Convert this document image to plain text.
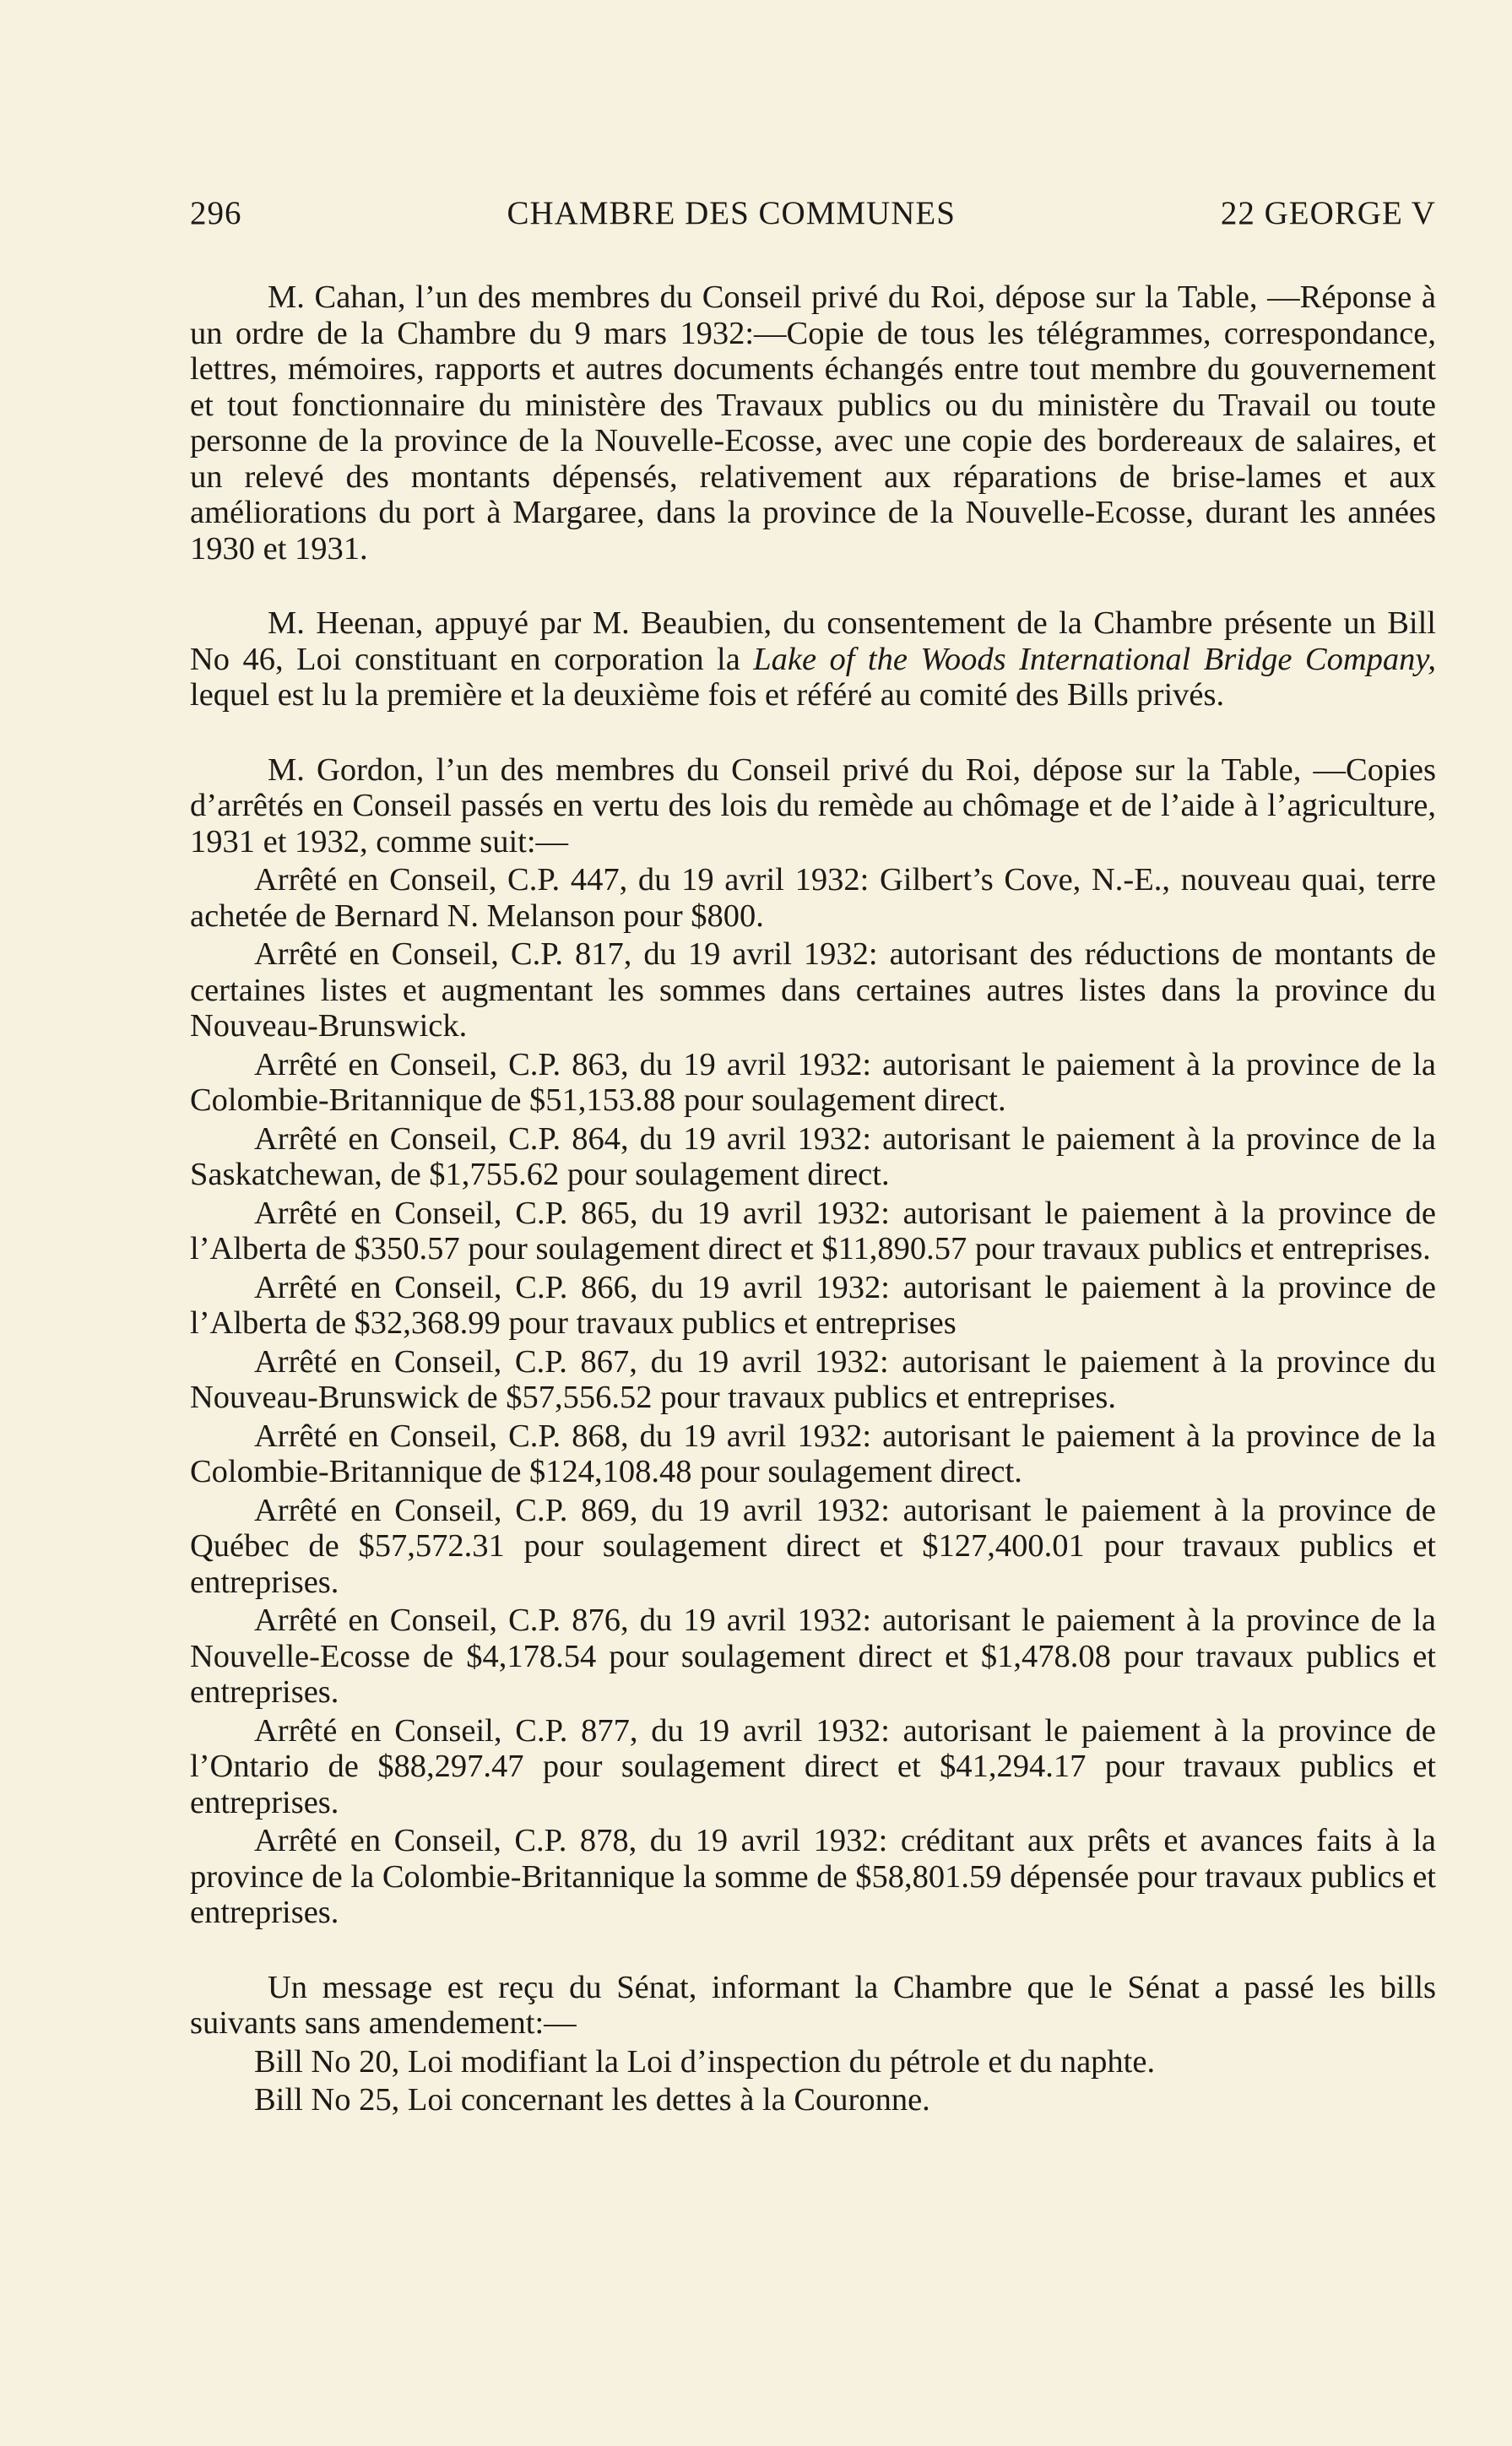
296	CHAMBRE DES COMMUNES	22 GEORGE V

M. Cahan, l’un des membres du Conseil privé du Roi, dépose sur la Table, —Réponse à un ordre de la Chambre du 9 mars 1932:—Copie de tous les télégrammes, correspondance, lettres, mémoires, rapports et autres documents échangés entre tout membre du gouvernement et tout fonctionnaire du ministère des Travaux publics ou du ministère du Travail ou toute personne de la province de la Nouvelle-Ecosse, avec une copie des bordereaux de salaires, et un relevé des montants dépensés, relativement aux réparations de brise-lames et aux améliorations du port à Margaree, dans la province de la Nouvelle-Ecosse, durant les années 1930 et 1931.

M. Heenan, appuyé par M. Beaubien, du consentement de la Chambre présente un Bill No 46, Loi constituant en corporation la Lake of the Woods International Bridge Company, lequel est lu la première et la deuxième fois et référé au comité des Bills privés.

M. Gordon, l’un des membres du Conseil privé du Roi, dépose sur la Table, —Copies d’arrêtés en Conseil passés en vertu des lois du remède au chômage et de l’aide à l’agriculture, 1931 et 1932, comme suit:—

Arrêté en Conseil, C.P. 447, du 19 avril 1932: Gilbert’s Cove, N.-E., nouveau quai, terre achetée de Bernard N. Melanson pour $800.

Arrêté en Conseil, C.P. 817, du 19 avril 1932: autorisant des réductions de montants de certaines listes et augmentant les sommes dans certaines autres listes dans la province du Nouveau-Brunswick.

Arrêté en Conseil, C.P. 863, du 19 avril 1932: autorisant le paiement à la province de la Colombie-Britannique de $51,153.88 pour soulagement direct.

Arrêté en Conseil, C.P. 864, du 19 avril 1932: autorisant le paiement à la province de la Saskatchewan, de $1,755.62 pour soulagement direct.

Arrêté en Conseil, C.P. 865, du 19 avril 1932: autorisant le paiement à la province de l’Alberta de $350.57 pour soulagement direct et $11,890.57 pour travaux publics et entreprises.

Arrêté en Conseil, C.P. 866, du 19 avril 1932: autorisant le paiement à la province de l’Alberta de $32,368.99 pour travaux publics et entreprises

Arrêté en Conseil, C.P. 867, du 19 avril 1932: autorisant le paiement à la province du Nouveau-Brunswick de $57,556.52 pour travaux publics et entreprises.

Arrêté en Conseil, C.P. 868, du 19 avril 1932: autorisant le paiement à la province de la Colombie-Britannique de $124,108.48 pour soulagement direct.

Arrêté en Conseil, C.P. 869, du 19 avril 1932: autorisant le paiement à la province de Québec de $57,572.31 pour soulagement direct et $127,400.01 pour travaux publics et entreprises.

Arrêté en Conseil, C.P. 876, du 19 avril 1932: autorisant le paiement à la province de la Nouvelle-Ecosse de $4,178.54 pour soulagement direct et $1,478.08 pour travaux publics et entreprises.

Arrêté en Conseil, C.P. 877, du 19 avril 1932: autorisant le paiement à la province de l’Ontario de $88,297.47 pour soulagement direct et $41,294.17 pour travaux publics et entreprises.

Arrêté en Conseil, C.P. 878, du 19 avril 1932: créditant aux prêts et avances faits à la province de la Colombie-Britannique la somme de $58,801.59 dépensée pour travaux publics et entreprises.

Un message est reçu du Sénat, informant la Chambre que le Sénat a passé les bills suivants sans amendement:—

Bill No 20, Loi modifiant la Loi d’inspection du pétrole et du naphte.

Bill No 25, Loi concernant les dettes à la Couronne.
